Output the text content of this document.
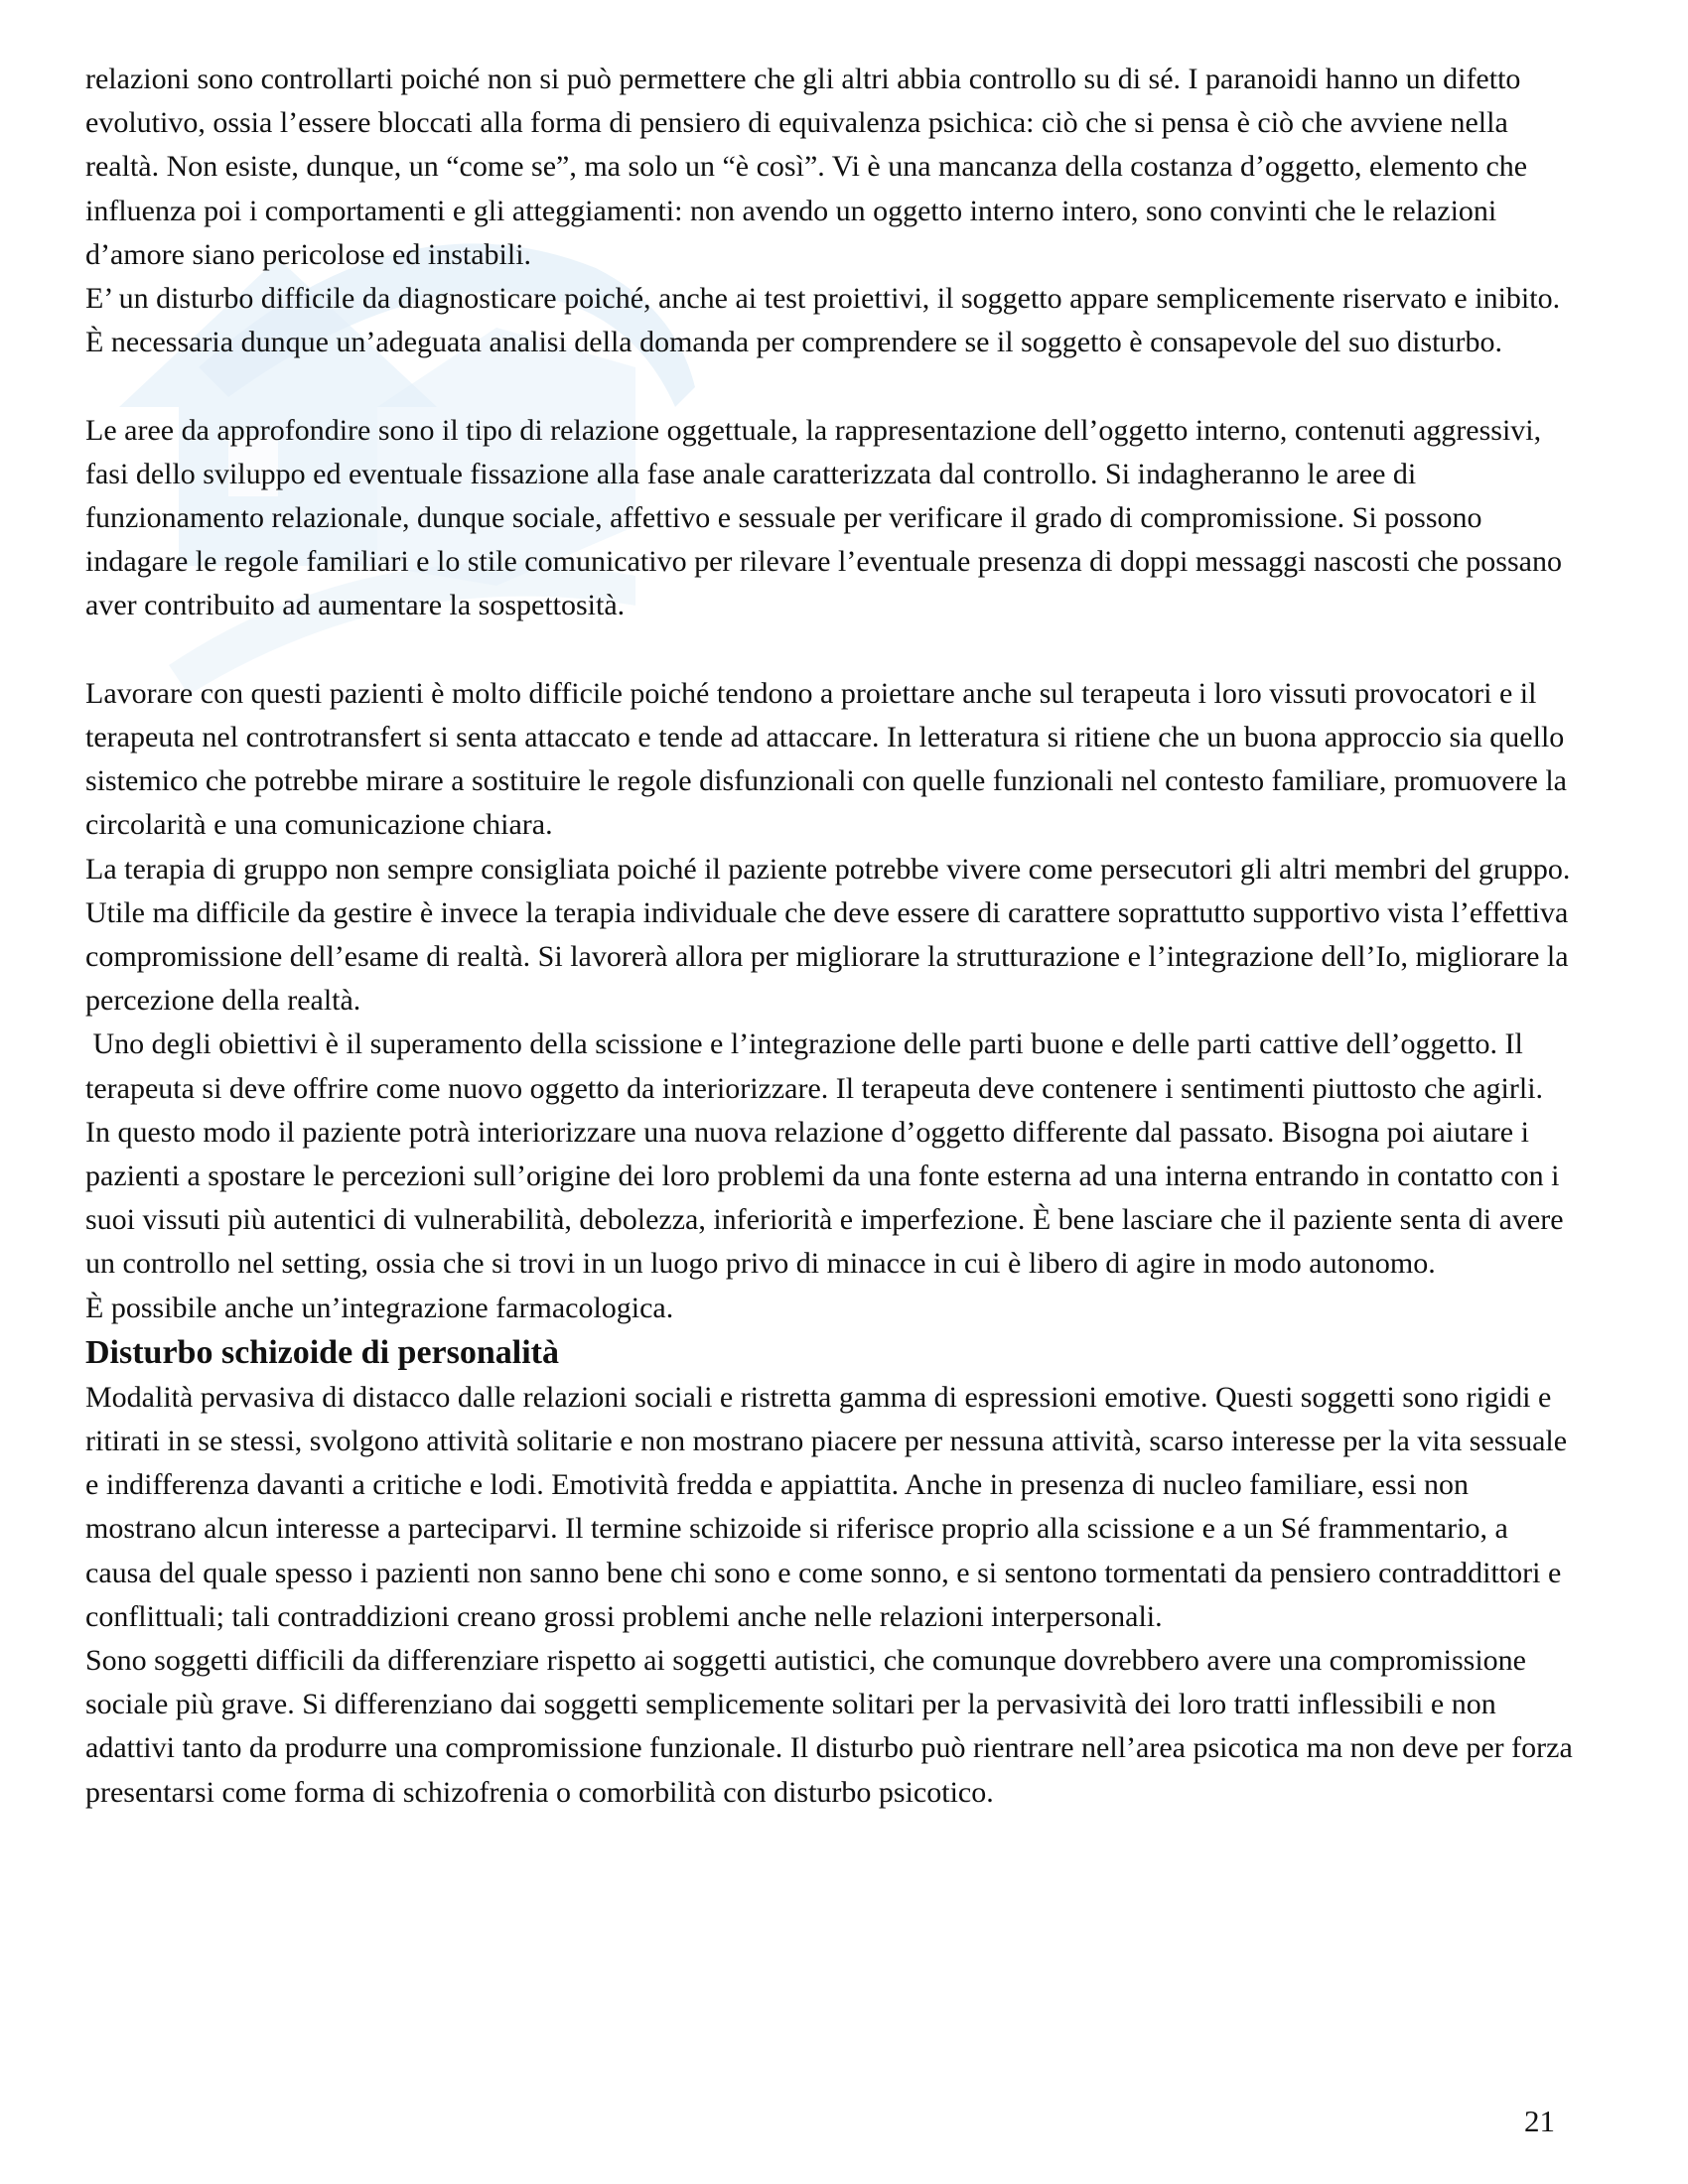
relazioni sono controllarti poiché non si può permettere che gli altri abbia controllo su di sé. I paranoidi hanno un difetto evolutivo, ossia l’essere bloccati alla forma di pensiero di equivalenza psichica: ciò che si pensa è ciò che avviene nella realtà. Non esiste, dunque, un “come se”, ma solo un “è così”. Vi è una mancanza della costanza d’oggetto, elemento che influenza poi i comportamenti e gli atteggiamenti: non avendo un oggetto interno intero, sono convinti che le relazioni d’amore siano pericolose ed instabili.

E’ un disturbo difficile da diagnosticare poiché, anche ai test proiettivi, il soggetto appare semplicemente riservato e inibito. È necessaria dunque un’adeguata analisi della domanda per comprendere se il soggetto è consapevole del suo disturbo.

Le aree da approfondire sono il tipo di relazione oggettuale, la rappresentazione dell’oggetto interno, contenuti aggressivi, fasi dello sviluppo ed eventuale fissazione alla fase anale caratterizzata dal controllo. Si indagheranno le aree di funzionamento relazionale, dunque sociale, affettivo e sessuale per verificare il grado di compromissione. Si possono indagare le regole familiari e lo stile comunicativo per rilevare l’eventuale presenza di doppi messaggi nascosti che possano aver contribuito ad aumentare la sospettosità.

Lavorare con questi pazienti è molto difficile poiché tendono a proiettare anche sul terapeuta i loro vissuti provocatori e il terapeuta nel controtransfert si senta attaccato e tende ad attaccare. In letteratura si ritiene che un buona approccio sia quello sistemico che potrebbe mirare a sostituire le regole disfunzionali con quelle funzionali nel contesto familiare, promuovere la circolarità e una comunicazione chiara.

La terapia di gruppo non sempre consigliata poiché il paziente potrebbe vivere come persecutori gli altri membri del gruppo. Utile ma difficile da gestire è invece la terapia individuale che deve essere di carattere soprattutto supportivo vista l’effettiva compromissione dell’esame di realtà. Si lavorerà allora per migliorare la strutturazione e l’integrazione dell’Io, migliorare la percezione della realtà.

Uno degli obiettivi è il superamento della scissione e l’integrazione delle parti buone e delle parti cattive dell’oggetto. Il terapeuta si deve offrire come nuovo oggetto da interiorizzare. Il terapeuta deve contenere i sentimenti piuttosto che agirli. In questo modo il paziente potrà interiorizzare una nuova relazione d’oggetto differente dal passato. Bisogna poi aiutare i pazienti a spostare le percezioni sull’origine dei loro problemi da una fonte esterna ad una interna entrando in contatto con i suoi vissuti più autentici di vulnerabilità, debolezza, inferiorità e imperfezione. È bene lasciare che il paziente senta di avere un controllo nel setting, ossia che si trovi in un luogo privo di minacce in cui è libero di agire in modo autonomo.

È possibile anche un’integrazione farmacologica.

Disturbo schizoide di personalità

Modalità pervasiva di distacco dalle relazioni sociali e ristretta gamma di espressioni emotive. Questi soggetti sono rigidi e ritirati in se stessi, svolgono attività solitarie e non mostrano piacere per nessuna attività, scarso interesse per la vita sessuale e indifferenza davanti a critiche e lodi. Emotività fredda e appiattita. Anche in presenza di nucleo familiare, essi non mostrano alcun interesse a parteciparvi. Il termine schizoide si riferisce proprio alla scissione e a un Sé frammentario, a causa del quale spesso i pazienti non sanno bene chi sono e come sonno, e si sentono tormentati da pensiero contraddittori e conflittuali; tali contraddizioni creano grossi problemi anche nelle relazioni interpersonali.

Sono soggetti difficili da differenziare rispetto ai soggetti autistici, che comunque dovrebbero avere una compromissione sociale più grave. Si differenziano dai soggetti semplicemente solitari per la pervasività dei loro tratti inflessibili e non adattivi tanto da produrre una compromissione funzionale. Il disturbo può rientrare nell’area psicotica ma non deve per forza presentarsi come forma di schizofrenia o comorbilità con disturbo psicotico.

21
